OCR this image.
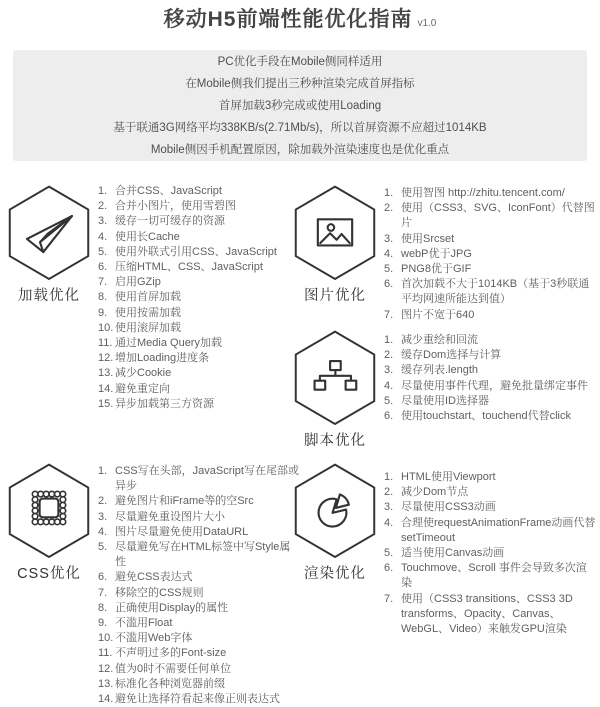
移动H5前端性能优化指南 v1.0
PC优化手段在Mobile侧同样适用
在Mobile侧我们提出三秒种渲染完成首屏指标
首屏加载3秒完成或使用Loading
基于联通3G网络平均338KB/s(2.71Mb/s)，所以首屏资源不应超过1014KB
Mobile侧因手机配置原因，除加载外渲染速度也是优化重点
加载优化
1. 合并CSS、JavaScript
2. 合并小图片，使用雪碧图
3. 缓存一切可缓存的资源
4. 使用长Cache
5. 使用外联式引用CSS、JavaScript
6. 压缩HTML、CSS、JavaScript
7. 启用GZip
8. 使用首屏加载
9. 使用按需加载
10. 使用滚屏加载
11. 通过Media Query加载
12. 增加Loading进度条
13. 减少Cookie
14. 避免重定向
15. 异步加载第三方资源
图片优化
1. 使用智图 http://zhitu.tencent.com/
2. 使用（CSS3、SVG、IconFont）代替图片
3. 使用Srcset
4. webP优于JPG
5. PNG8优于GIF
6. 首次加载不大于1014KB（基于3秒联通平均网速所能达到值）
7. 图片不宽于640
脚本优化
1. 减少重绘和回流
2. 缓存Dom选择与计算
3. 缓存列表.length
4. 尽量使用事件代理，避免批量绑定事件
5. 尽量使用ID选择器
6. 使用touchstart、touchend代替click
CSS优化
1. CSS写在头部，JavaScript写在尾部或异步
2. 避免图片和iFrame等的空Src
3. 尽量避免重设图片大小
4. 图片尽量避免使用DataURL
5. 尽量避免写在HTML标签中写Style属性
6. 避免CSS表达式
7. 移除空的CSS规则
8. 正确使用Display的属性
9. 不滥用Float
10. 不滥用Web字体
11. 不声明过多的Font-size
12. 值为0时不需要任何单位
13. 标准化各种浏览器前缀
14. 避免让选择符看起来像正则表达式
渲染优化
1. HTML使用Viewport
2. 减少Dom节点
3. 尽量使用CSS3动画
4. 合理使requestAnimationFrame动画代替setTimeout
5. 适当使用Canvas动画
6. Touchmove、Scroll 事件会导致多次渲染
7. 使用（CSS3 transitions、CSS3 3D transforms、Opacity、Canvas、WebGL、Video）来触发GPU渲染
